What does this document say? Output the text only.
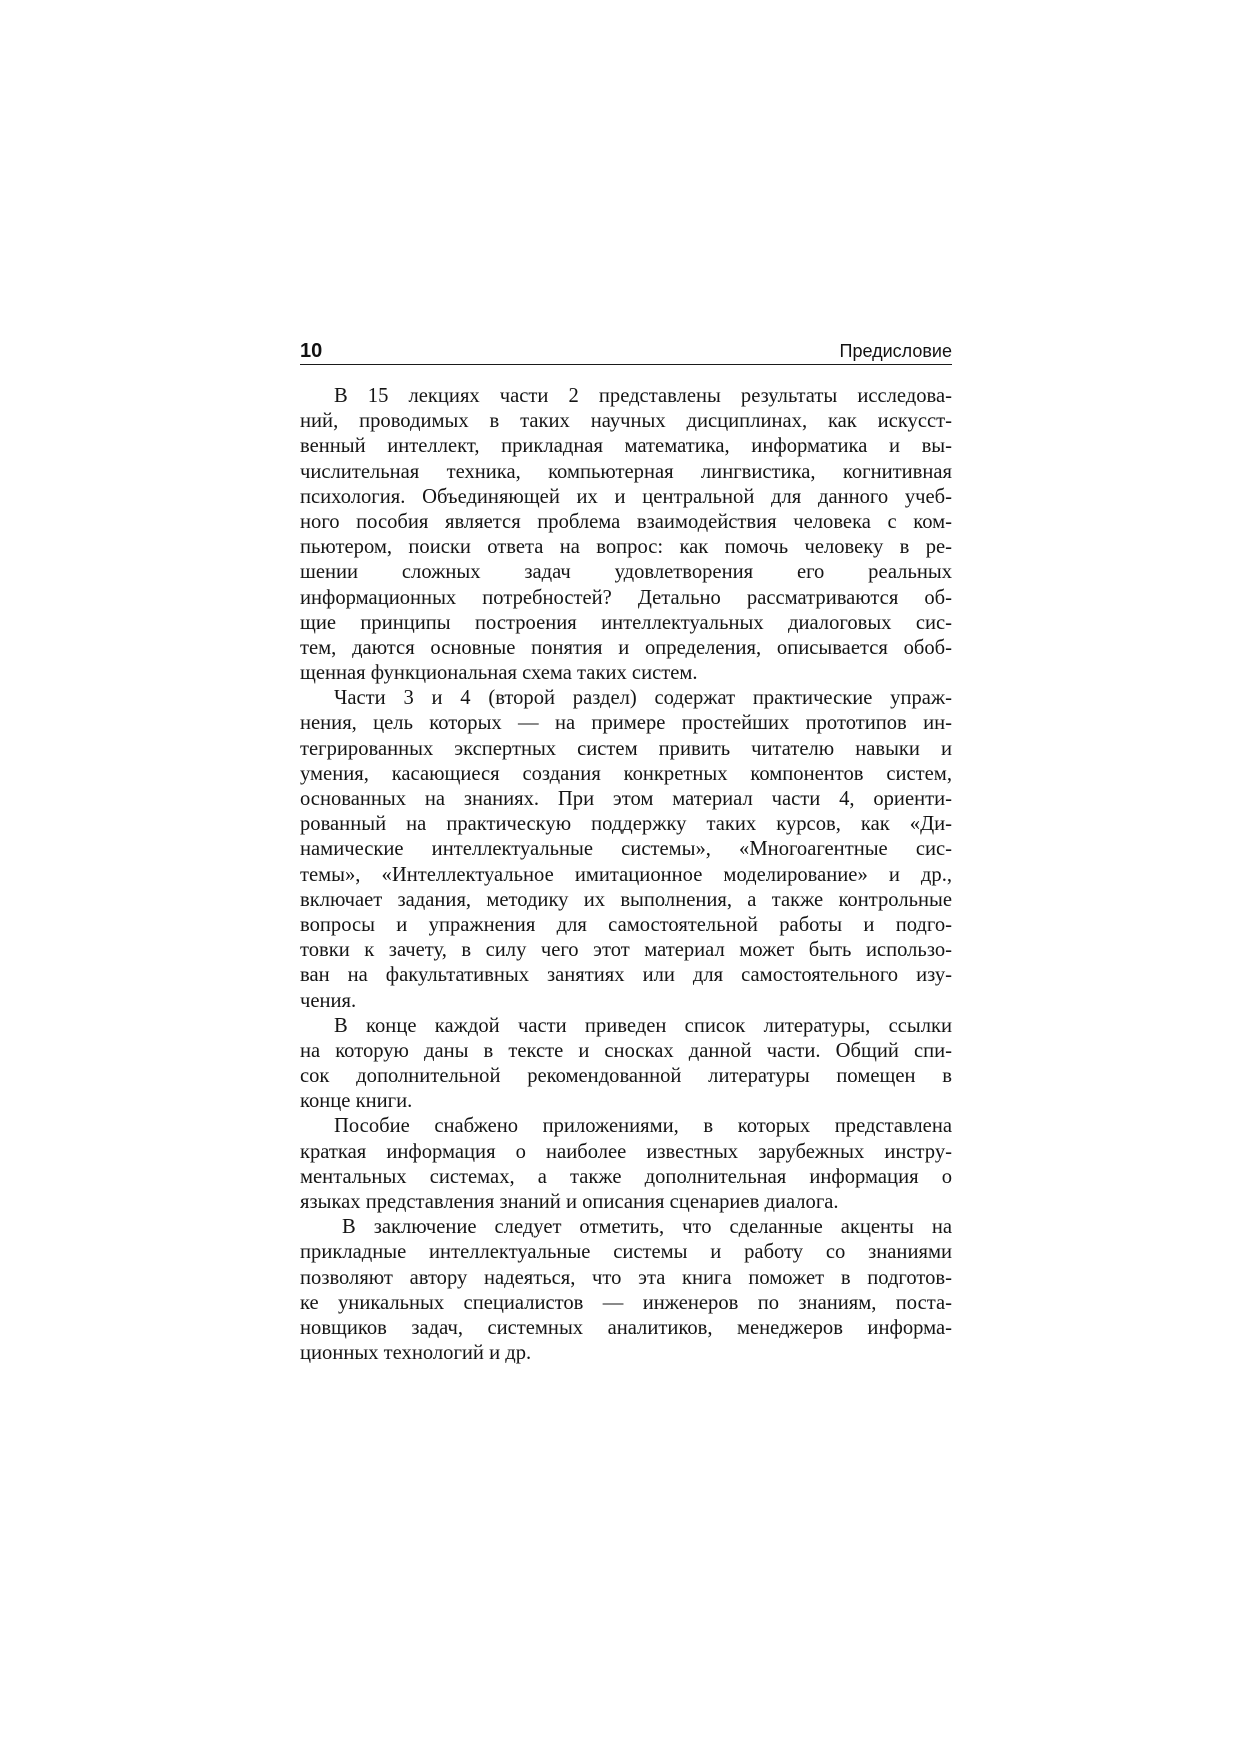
10	Предисловие
В 15 лекциях части 2 представлены результаты исследова-
ний, проводимых в таких научных дисциплинах, как искусст-
венный интеллект, прикладная математика, информатика и вы-
числительная техника, компьютерная лингвистика, когнитивная
психология. Объединяющей их и центральной для данного учеб-
ного пособия является проблема взаимодействия человека с ком-
пьютером, поиски ответа на вопрос: как помочь человеку в ре-
шении сложных задач удовлетворения его реальных
информационных потребностей? Детально рассматриваются об-
щие принципы построения интеллектуальных диалоговых сис-
тем, даются основные понятия и определения, описывается обоб-
щенная функциональная схема таких систем.
Части 3 и 4 (второй раздел) содержат практические упраж-
нения, цель которых — на примере простейших прототипов ин-
тегрированных экспертных систем привить читателю навыки и
умения, касающиеся создания конкретных компонентов систем,
основанных на знаниях. При этом материал части 4, ориенти-
рованный на практическую поддержку таких курсов, как «Ди-
намические интеллектуальные системы», «Многоагентные сис-
темы», «Интеллектуальное имитационное моделирование» и др.,
включает задания, методику их выполнения, а также контрольные
вопросы и упражнения для самостоятельной работы и подго-
товки к зачету, в силу чего этот материал может быть использо-
ван на факультативных занятиях или для самостоятельного изу-
чения.
В конце каждой части приведен список литературы, ссылки
на которую даны в тексте и сносках данной части. Общий спи-
сок дополнительной рекомендованной литературы помещен в
конце книги.
Пособие снабжено приложениями, в которых представлена
краткая информация о наиболее известных зарубежных инстру-
ментальных системах, а также дополнительная информация о
языках представления знаний и описания сценариев диалога.
В заключение следует отметить, что сделанные акценты на
прикладные интеллектуальные системы и работу со знаниями
позволяют автору надеяться, что эта книга поможет в подготов-
ке уникальных специалистов — инженеров по знаниям, поста-
новщиков задач, системных аналитиков, менеджеров информа-
ционных технологий и др.
